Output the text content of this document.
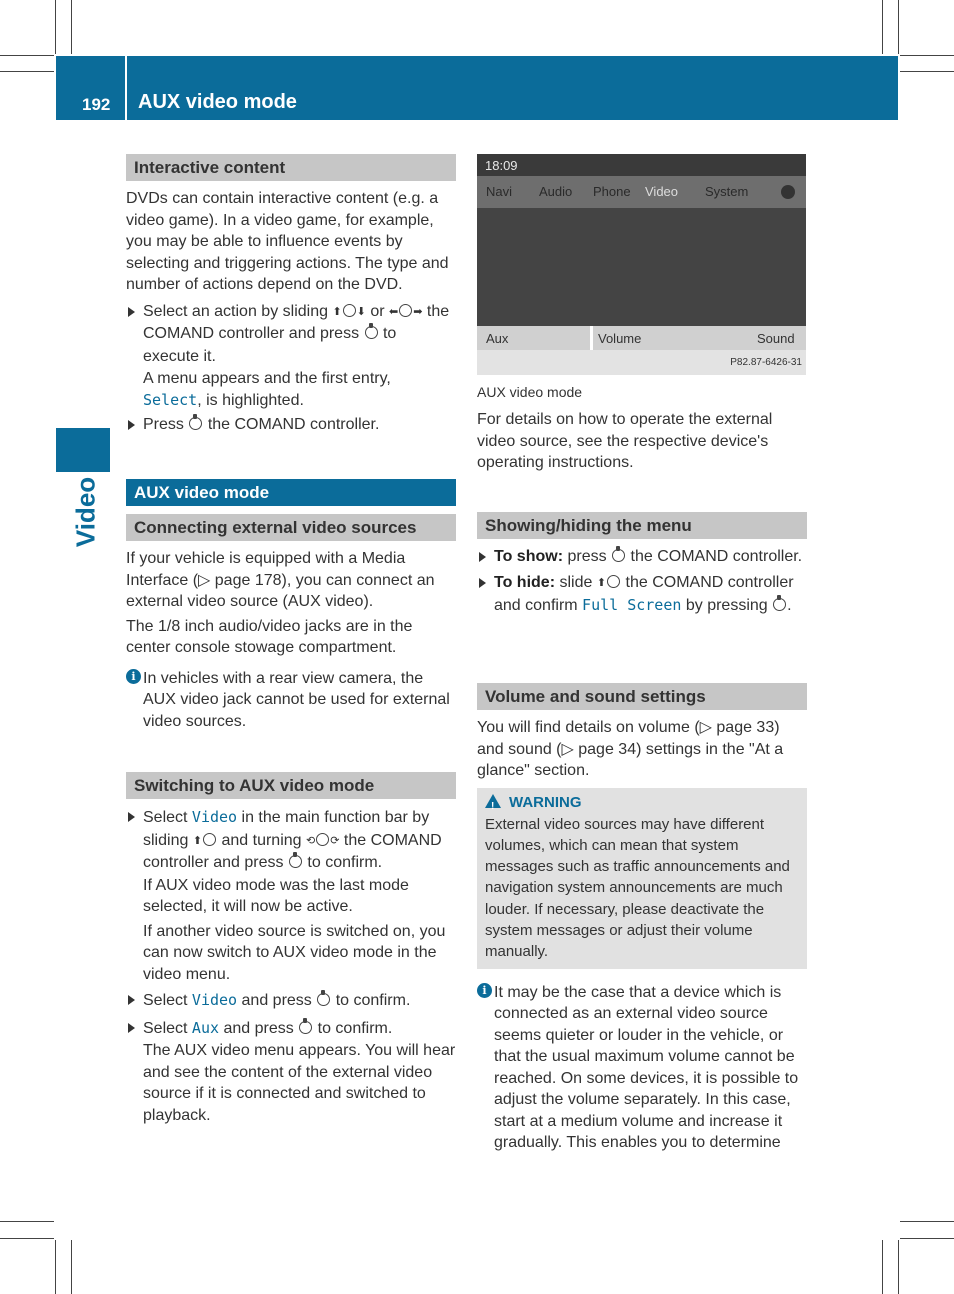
192 AUX video mode
Video
Interactive content

DVDs can contain interactive content (e.g. a video game). In a video game, for example, you may be able to influence events by selecting and triggering actions. The type and number of actions depend on the DVD.

Select an action by sliding ⬆ ⬇ or ⬅ ➡ the COMAND controller and press to execute it.
A menu appears and the first entry,
Select, is highlighted.
Press the COMAND controller.
AUX video mode
Connecting external video sources

If your vehicle is equipped with a Media Interface (▷ page 178), you can connect an external video source (AUX video).

The 1/8 inch audio/video jacks are in the center console stowage compartment.

i In vehicles with a rear view camera, the AUX video jack cannot be used for external video sources.
Switching to AUX video mode
Select Video in the main function bar by sliding ⬆ and turning ⟲ ⟳ the COMAND controller and press to confirm.
If AUX video mode was the last mode selected, it will now be active.
If another video source is switched on, you can now switch to AUX video mode in the video menu.
Select Video and press to confirm.
Select Aux and press to confirm.
The AUX video menu appears. You will hear and see the content of the external video source if it is connected and switched to playback.
18:09
Navi Audio Phone Video System
Aux	Volume	Sound
P82.87-6426-31
AUX video mode

For details on how to operate the external video source, see the respective device's operating instructions.

Showing/hiding the menu
To show: press the COMAND controller.
To hide: slide ⬆ the COMAND controller and confirm Full Screen by pressing .
Volume and sound settings

You will find details on volume (▷ page 33) and sound (▷ page 34) settings in the "At a glance" section.

!WARNING
External video sources may have different volumes, which can mean that system messages such as traffic announcements and navigation system announcements are much louder. If necessary, please deactivate the system messages or adjust their volume manually.
i It may be the case that a device which is connected as an external video source seems quieter or louder in the vehicle, or that the usual maximum volume cannot be reached. On some devices, it is possible to adjust the volume separately. In this case, start at a medium volume and increase it gradually. This enables you to determine
